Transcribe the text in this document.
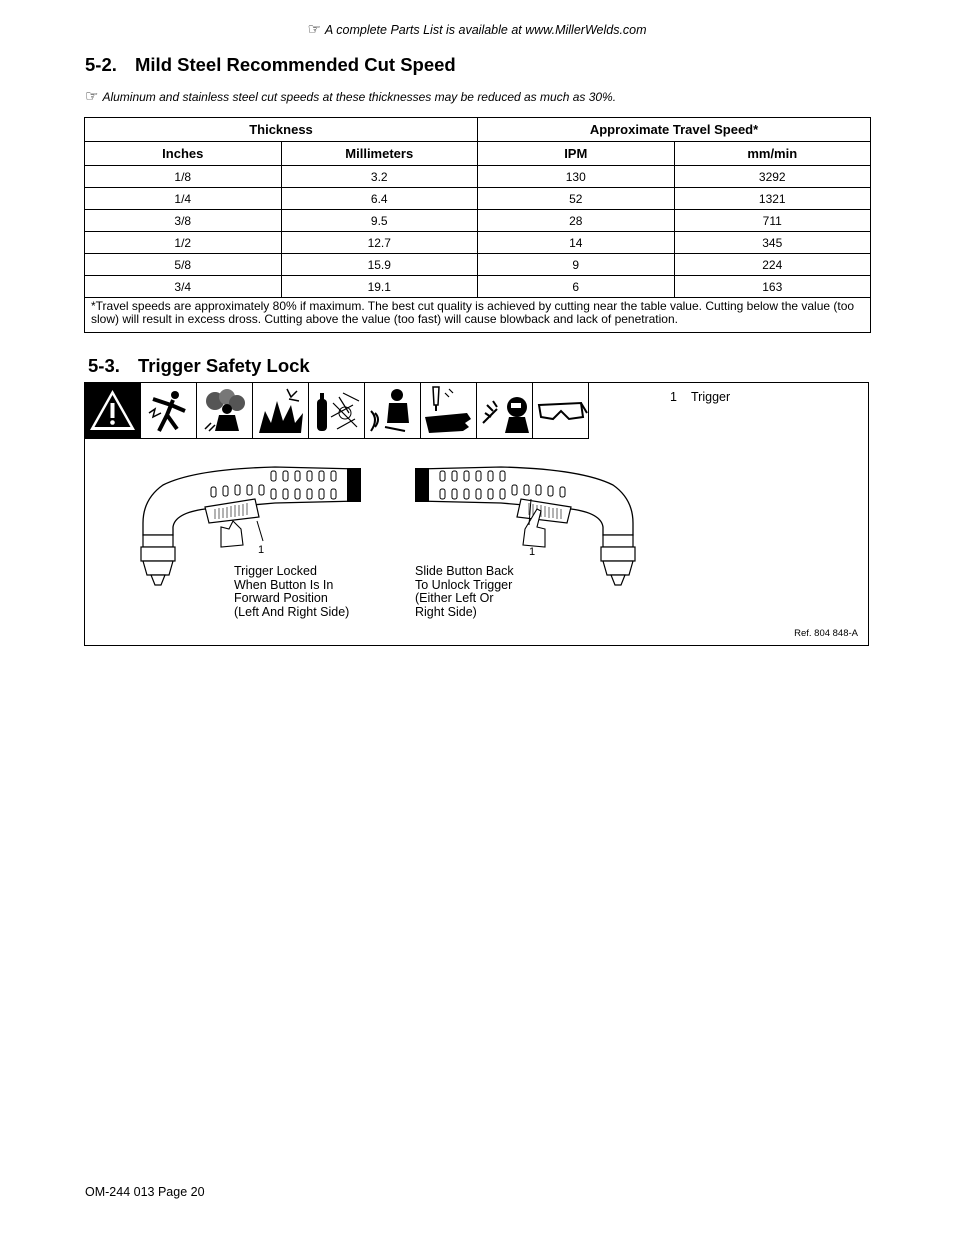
☞ A complete Parts List is available at www.MillerWelds.com
5-2. Mild Steel Recommended Cut Speed
☞ Aluminum and stainless steel cut speeds at these thicknesses may be reduced as much as 30%.
Thickness		Approximate Travel Speed*	
Inches	Millimeters	IPM	mm/min
1/8	3.2	130	3292
1/4	6.4	52	1321
3/8	9.5	28	711
1/2	12.7	14	345
5/8	15.9	9	224
3/4	19.1	6	163
*Travel speeds are approximately 80% if maximum. The best cut quality is achieved by cutting near the table value. Cutting below the value (too slow) will result in excess dross. Cutting above the value (too fast) will cause blowback and lack of penetration.			
5-3. Trigger Safety Lock
1 Trigger
1
Trigger Locked
When Button Is In
Forward Position
(Left And Right Side)
1
Slide Button Back
To Unlock Trigger
(Either Left Or
Right Side)
Ref. 804 848-A
OM-244 013 Page 20
